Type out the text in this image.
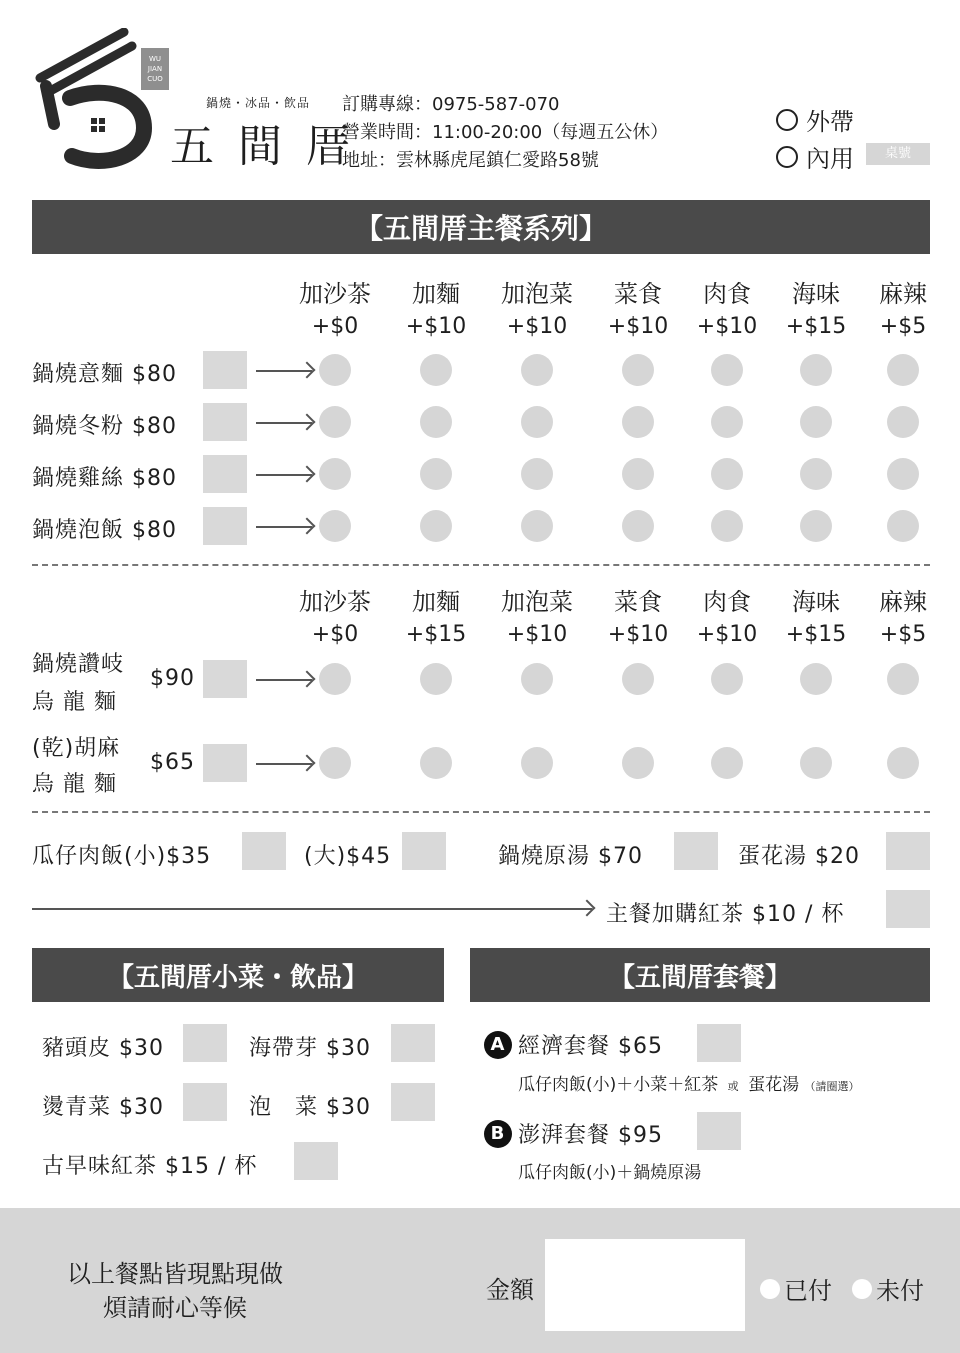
WU
JIAN
CUO
鍋燒・冰品・飲品
五間厝
訂購專線：0975-587-070
營業時間：11:00-20:00（每週五公休）
地址：雲林縣虎尾鎮仁愛路58號
外帶
內用	桌號
【五間厝主餐系列】
加沙茶	加麵	加泡菜	菜食	肉食	海味	麻辣
+$0	+$10	+$10	+$10	+$10	+$15	+$5
鍋燒意麵 $80
鍋燒冬粉 $80
鍋燒雞絲 $80
鍋燒泡飯 $80
加沙茶	加麵	加泡菜	菜食	肉食	海味	麻辣
+$0	+$15	+$10	+$10	+$10	+$15	+$5
鍋燒讚岐
烏 龍 麵
$90
(乾)胡麻
烏 龍 麵
$65
瓜仔肉飯(小)$35	(大)$45	鍋燒原湯 $70	蛋花湯 $20
主餐加購紅茶 $10 / 杯
【五間厝小菜・飲品】
豬頭皮 $30	海帶芽 $30
燙青菜 $30	泡　菜 $30
古早味紅茶 $15 / 杯
【五間厝套餐】
A 經濟套餐 $65
瓜仔肉飯(小)＋小菜＋紅茶 或 蛋花湯 （請圈選）
B 澎湃套餐 $95
瓜仔肉飯(小)＋鍋燒原湯
以上餐點皆現點現做
煩請耐心等候
金額	已付 未付
